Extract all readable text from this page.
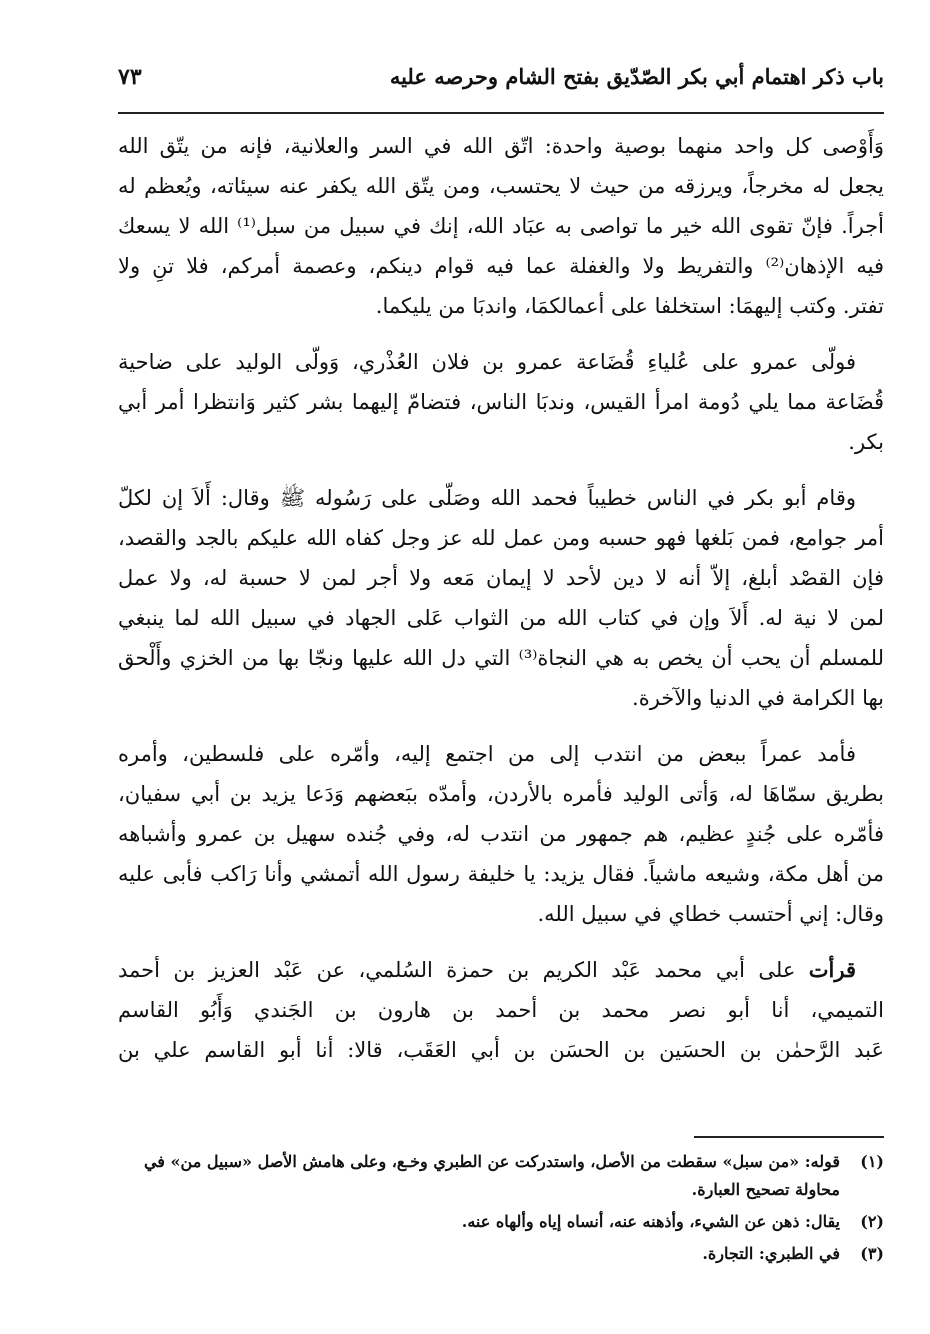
باب ذكر اهتمام أبي بكر الصّدّيق بفتح الشام وحرصه عليه
٧٣

وَأَوْصى كل واحد منهما بوصية واحدة: اتّق الله في السر والعلانية، فإنه من يتّق الله
يجعل له مخرجاً، ويرزقه من حيث لا يحتسب، ومن يتّق الله يكفر عنه سيئاته، ويُعظم له
أجراً. فإنّ تقوى الله خير ما تواصى به عبَاد الله، إنك في سبيل من سبل⁽¹⁾ الله لا يسعك
فيه الإذهان⁽²⁾ والتفريط ولا والغفلة عما فيه قوام دينكم، وعصمة أمركم، فلا تنِ ولا
تفتر. وكتب إليهمَا: استخلفا على أعمالكمَا، واندبَا من يليكما.

فولّى عمرو على عُلياءِ قُضَاعة عمرو بن فلان العُذْري، وَولّى الوليد على ضاحية
قُضَاعة مما يلي دُومة امرأ القيس، وندبَا الناس، فتضامّ إليهما بشر كثير وَانتظرا أمر أبي
بكر.

وقام أبو بكر في الناس خطيباً فحمد الله وصَلّى على رَسُوله ﷺ وقال: أَلاَ إن لكلّ
أمر جوامع، فمن بَلغها فهو حسبه ومن عمل لله عز وجل كفاه الله عليكم بالجد والقصد،
فإن القصْد أبلغ، إلاّ أنه لا دين لأحد لا إيمان مَعه ولا أجر لمن لا حسبة له، ولا عمل
لمن لا نية له. أَلاَ وإن في كتاب الله من الثواب عَلى الجهاد في سبيل الله لما ينبغي
للمسلم أن يحب أن يخص به هي النجاة⁽³⁾ التي دل الله عليها ونجّا بها من الخزي وأَلْحق
بها الكرامة في الدنيا والآخرة.

فأمد عمراً ببعض من انتدب إلى من اجتمع إليه، وأمّره على فلسطين، وأمره
بطريق سمّاهَا له، وَأتى الوليد فأمره بالأردن، وأمدّه ببَعضهم وَدَعا يزيد بن أبي سفيان،
فأمّره على جُندٍ عظيم، هم جمهور من انتدب له، وفي جُنده سهيل بن عمرو وأشباهه
من أهل مكة، وشيعه ماشياً. فقال يزيد: يا خليفة رسول الله أتمشي وأنا رَاكب فأبى عليه
وقال: إني أحتسب خطاي في سبيل الله.

قرأت على أبي محمد عَبْد الكريم بن حمزة السُلمي، عن عَبْد العزيز بن أحمد
التميمي، أنا أبو نصر محمد بن أحمد بن هارون بن الجَندي وَأَبُو القاسم
عَبد الرَّحمٰن بن الحسَين بن الحسَن بن أبي العَقَب، قالا: أنا أبو القاسم علي بن

(١)
قوله: «من سبل» سقطت من الأصل، واستدركت عن الطبري وخـع، وعلى هامش الأصل «سبيل من» في محاولة تصحيح العبارة.
(٢)
يقال: ذهن عن الشيء، وأذهنه عنه، أنساه إياه وألهاه عنه.
(٣)
في الطبري: التجارة.
